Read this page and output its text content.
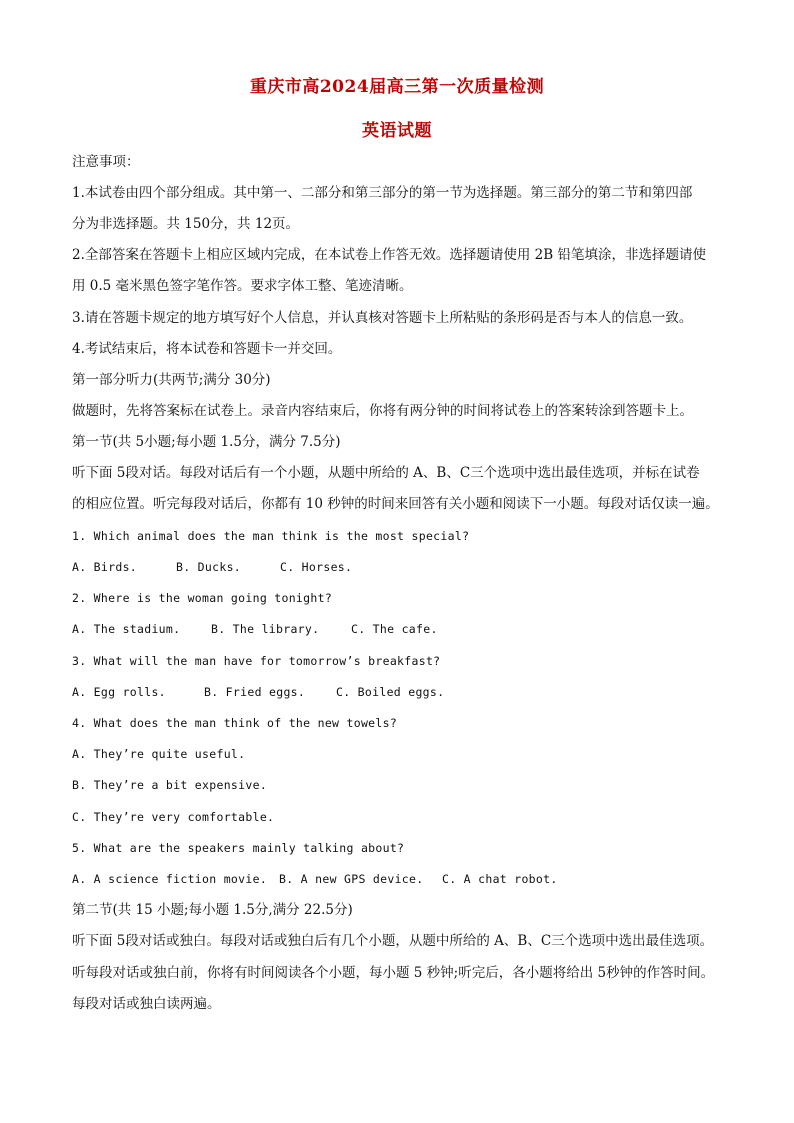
重庆市高2024届高三第一次质量检测
英语试题
注意事项：
1.本试卷由四个部分组成。其中第一、二部分和第三部分的第一节为选择题。第三部分的第二节和第四部
分为非选择题。共 150分，共 12页。
2.全部答案在答题卡上相应区域内完成，在本试卷上作答无效。选择题请使用 2B 铅笔填涂，非选择题请使
用 0.5 毫米黑色签字笔作答。要求字体工整、笔迹清晰。
3.请在答题卡规定的地方填写好个人信息，并认真核对答题卡上所粘贴的条形码是否与本人的信息一致。
4.考试结束后，将本试卷和答题卡一并交回。
第一部分听力(共两节;满分 30分)
做题时，先将答案标在试卷上。录音内容结束后，你将有两分钟的时间将试卷上的答案转涂到答题卡上。
第一节(共 5小题;每小题 1.5分，满分 7.5分)
听下面 5段对话。每段对话后有一个小题，从题中所给的 A、B、C三个选项中选出最佳选项，并标在试卷
的相应位置。听完每段对话后，你都有 10 秒钟的时间来回答有关小题和阅读下一小题。每段对话仅读一遍。
1. Which animal does the man think is the most special?
A. Birds.	B. Ducks.	C. Horses.
2. Where is the woman going tonight?
A. The stadium.	B. The library.	C. The cafe.
3. What will the man have for tomorrow’s breakfast?
A. Egg rolls.	B. Fried eggs.	C. Boiled eggs.
4. What does the man think of the new towels?
A. They’re quite useful.
B. They’re a bit expensive.
C. They’re very comfortable.
5. What are the speakers mainly talking about?
A. A science fiction movie. B. A new GPS device. C. A chat robot.
第二节(共 15 小题;每小题 1.5分,满分 22.5分)
听下面 5段对话或独白。每段对话或独白后有几个小题，从题中所给的 A、B、C三个选项中选出最佳选项。
听每段对话或独白前，你将有时间阅读各个小题，每小题 5 秒钟;听完后，各小题将给出 5秒钟的作答时间。
每段对话或独白读两遍。
